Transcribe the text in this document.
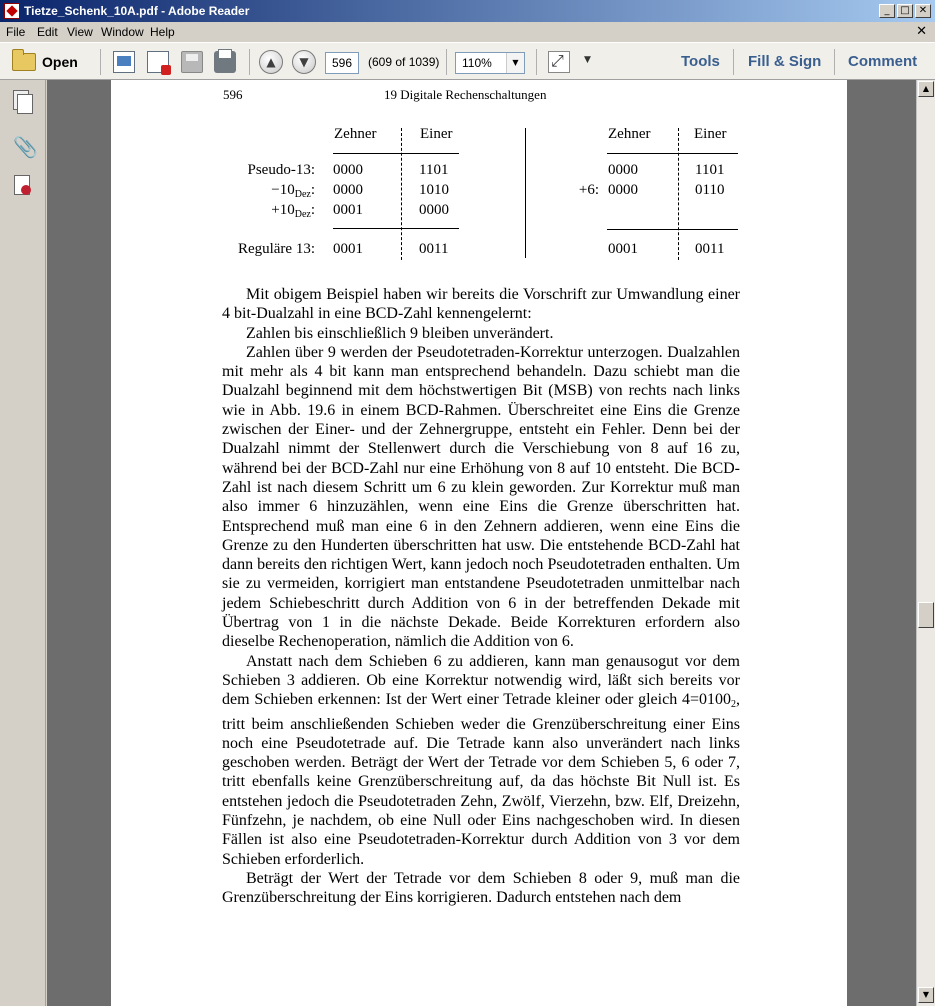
Tietze_Schenk_10A.pdf - Adobe Reader	_	□ ✕
File Edit View Window Help	✕
Open	▲	▼	596	(609 of 1039) 110%	▼ ⤢	▼	Tools Fill & Sign Comment
📎
596	19 Digitale Rechenschaltungen
Zehner	Einer
Pseudo-13: 0000	1101
$-10_{Dez}$: 0000	1010
$+10_{Dez}$: 0001	0000
Reguläre 13: 0001	0011
Zehner	Einer
0000	1101
+6: 0000	0110
0001	0011

Mit obigem Beispiel haben wir bereits die Vorschrift zur Umwandlung einer 4 bit-Dualzahl in eine BCD-Zahl kennengelernt:

Zahlen bis einschließlich 9 bleiben unverändert.

Zahlen über 9 werden der Pseudotetraden-Korrektur unterzogen. Dualzahlen mit mehr als 4 bit kann man entsprechend behandeln. Dazu schiebt man die Dualzahl beginnend mit dem höchstwertigen Bit (MSB) von rechts nach links wie in Abb. 19.6 in einem BCD-Rahmen. Überschreitet eine Eins die Grenze zwischen der Einer- und der Zehnergruppe, entsteht ein Fehler. Denn bei der Dualzahl nimmt der Stellenwert durch die Verschiebung von 8 auf 16 zu, während bei der BCD-Zahl nur eine Erhöhung von 8 auf 10 entsteht. Die BCD-Zahl ist nach diesem Schritt um 6 zu klein geworden. Zur Korrektur muß man also immer 6 hinzuzählen, wenn eine Eins die Grenze überschritten hat. Entsprechend muß man eine 6 in den Zehnern addieren, wenn eine Eins die Grenze zu den Hunderten überschritten hat usw. Die entstehende BCD-Zahl hat dann bereits den richtigen Wert, kann jedoch noch Pseudotetraden enthalten. Um sie zu vermeiden, korrigiert man entstandene Pseudotetraden unmittelbar nach jedem Schiebeschritt durch Addition von 6 in der betreffenden Dekade mit Übertrag von 1 in die nächste Dekade. Beide Korrekturen erfordern also dieselbe Rechenoperation, nämlich die Addition von 6.

Anstatt nach dem Schieben 6 zu addieren, kann man genausogut vor dem Schieben 3 addieren. Ob eine Korrektur notwendig wird, läßt sich bereits vor dem Schieben erkennen: Ist der Wert einer Tetrade kleiner oder gleich $4=0100_2$, tritt beim anschließenden Schieben weder die Grenzüberschreitung einer Eins noch eine Pseudotetrade auf. Die Tetrade kann also unverändert nach links geschoben werden. Beträgt der Wert der Tetrade vor dem Schieben 5, 6 oder 7, tritt ebenfalls keine Grenzüberschreitung auf, da das höchste Bit Null ist. Es entstehen jedoch die Pseudotetraden Zehn, Zwölf, Vierzehn, bzw. Elf, Dreizehn, Fünfzehn, je nachdem, ob eine Null oder Eins nachgeschoben wird. In diesen Fällen ist also eine Pseudotetraden-Korrektur durch Addition von 3 vor dem Schieben erforderlich.

Beträgt der Wert der Tetrade vor dem Schieben 8 oder 9, muß man die Grenzüberschreitung der Eins korrigieren. Dadurch entstehen nach dem

▲
▼
